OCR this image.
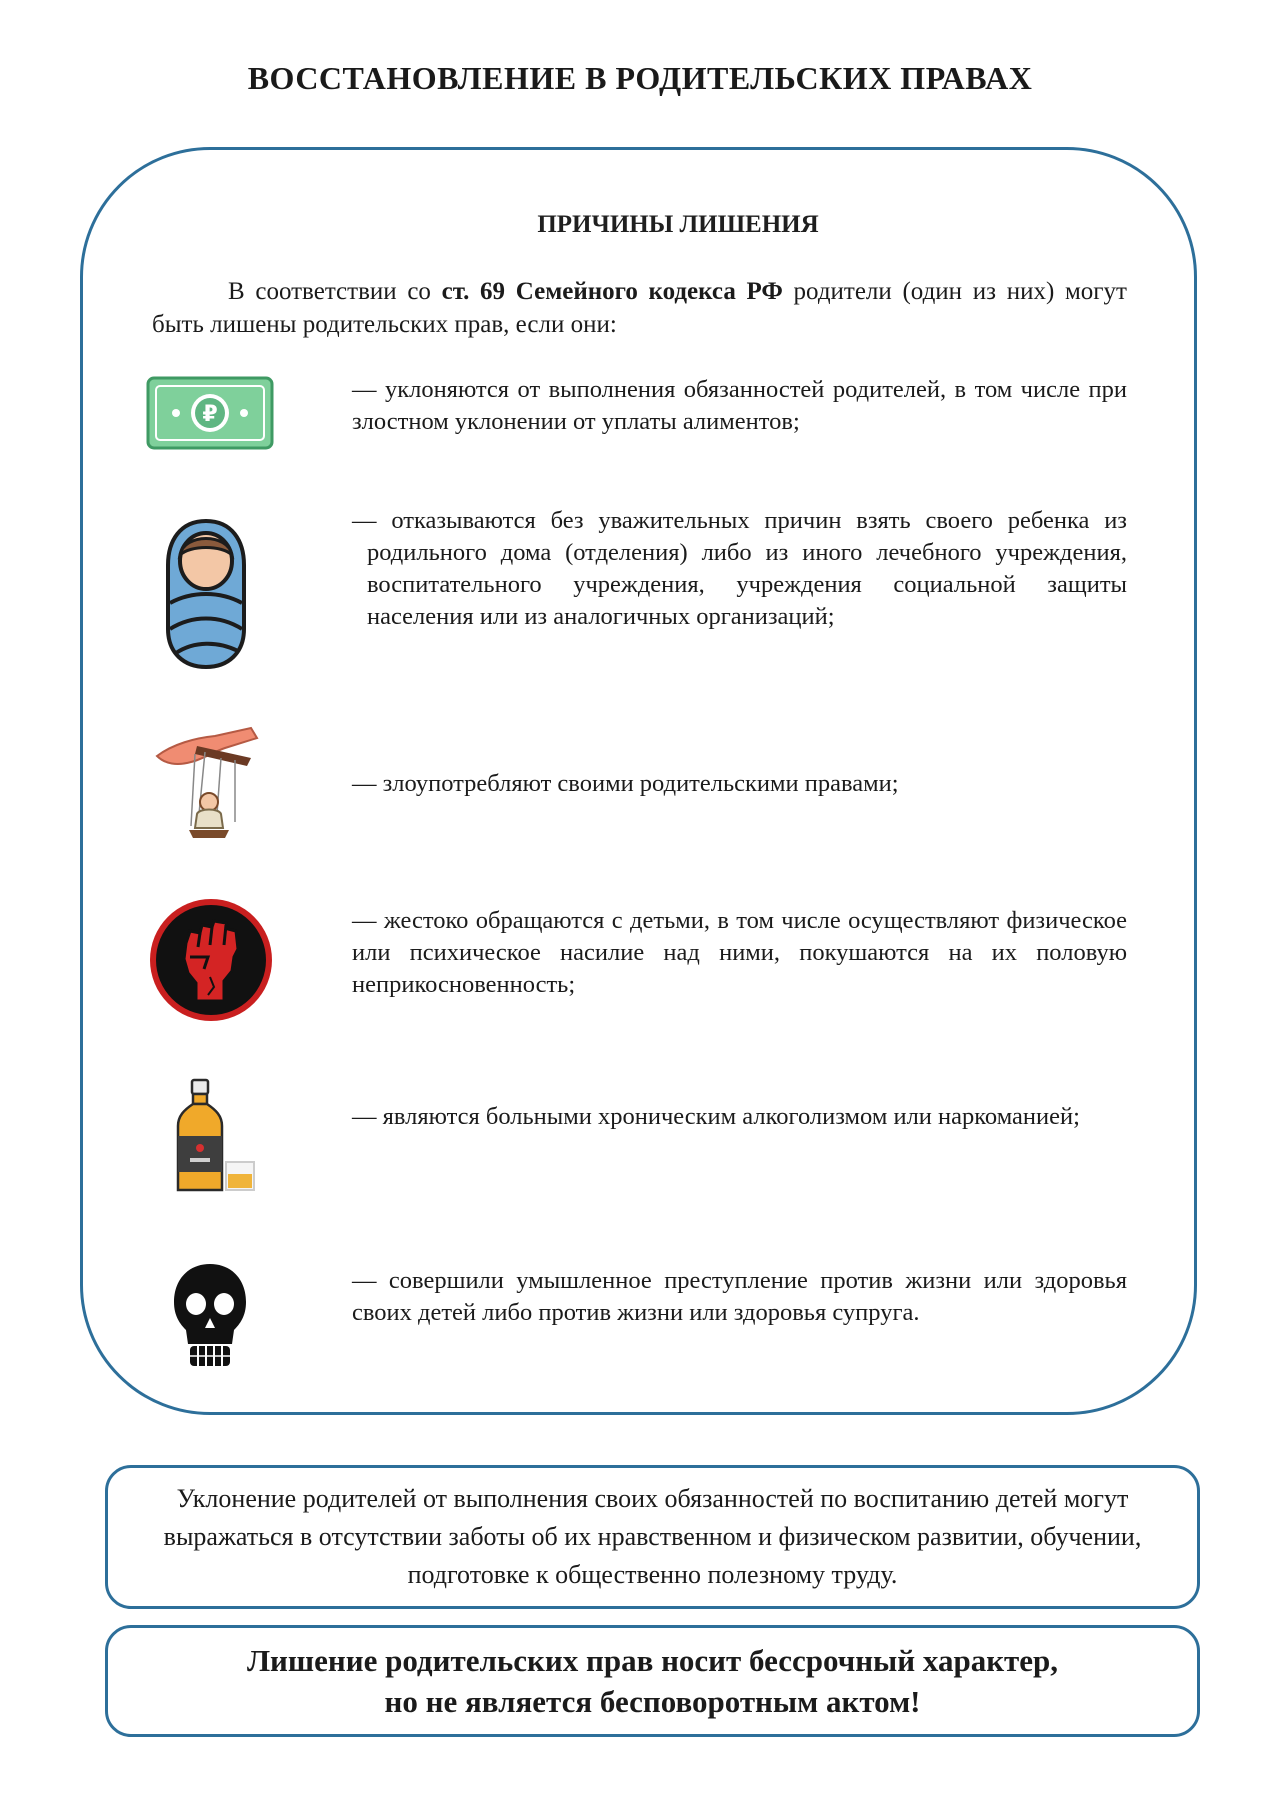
ВОССТАНОВЛЕНИЕ В РОДИТЕЛЬСКИХ ПРАВАХ
ПРИЧИНЫ ЛИШЕНИЯ
В соответствии со ст. 69 Семейного кодекса РФ родители (один из них) могут быть лишены родительских прав, если они:
₽
— уклоняются от выполнения обязанностей родителей, в том числе при злостном уклонении от уплаты алиментов;
— отказываются без уважительных причин взять своего ребенка из родильного дома (отделения) либо из иного лечебного учреждения, воспитательного учреждения, учреждения социальной защиты населения или из аналогичных организаций;
— злоупотребляют своими родительскими правами;
— жестоко обращаются с детьми, в том числе осуществляют физическое или психическое насилие над ними, покушаются на их половую неприкосновенность;
— являются больными хроническим алкоголизмом или наркоманией;
— совершили умышленное преступление против жизни или здоровья своих детей либо против жизни или здоровья супруга.
Уклонение родителей от выполнения своих обязанностей по воспитанию детей могут выражаться в отсутствии заботы об их нравственном и физическом развитии, обучении, подготовке к общественно полезному труду.
Лишение родительских прав носит бессрочный характер,
но не является бесповоротным актом!
